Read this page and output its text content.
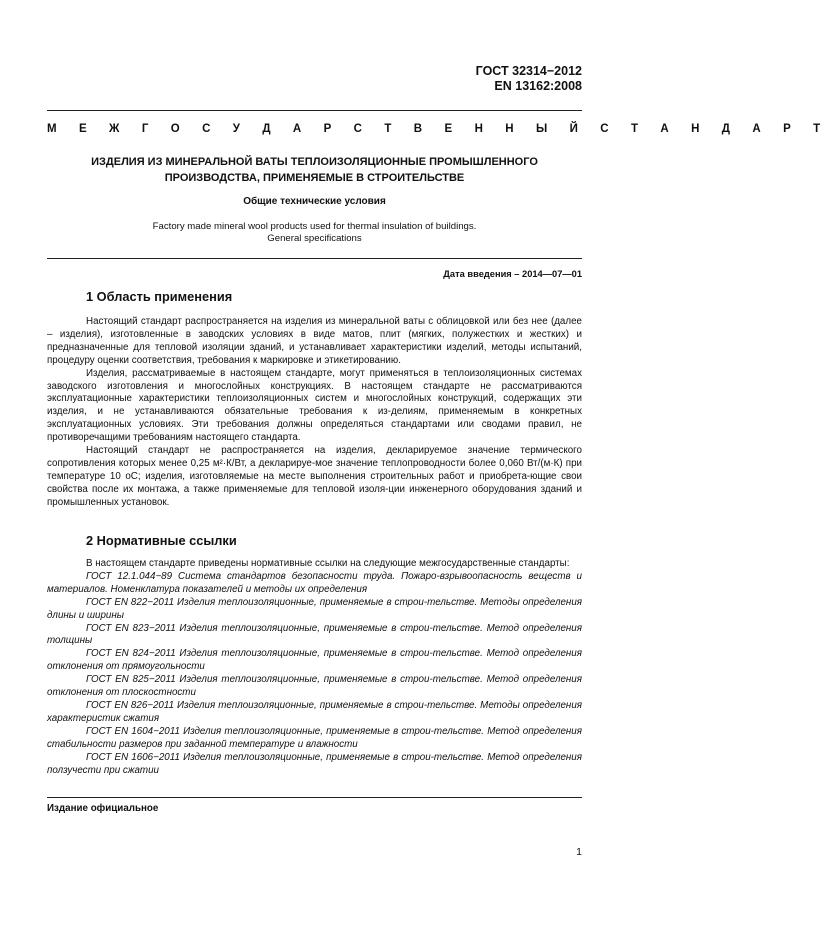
ГОСТ 32314−2012
EN 13162:2008
М Е Ж Г О С У Д А Р С Т В Е Н Н Ы Й С Т А Н Д А Р Т
ИЗДЕЛИЯ ИЗ МИНЕРАЛЬНОЙ ВАТЫ ТЕПЛОИЗОЛЯЦИОННЫЕ ПРОМЫШЛЕННОГО
ПРОИЗВОДСТВА, ПРИМЕНЯЕМЫЕ В СТРОИТЕЛЬСТВЕ
Общие технические условия
Factory made mineral wool products used for thermal insulation of buildings.
General specifications
Дата введения – 2014—07—01
1 Область применения

Настоящий стандарт распространяется на изделия из минеральной ваты с облицовкой или без нее (далее – изделия), изготовленные в заводских условиях в виде матов, плит (мягких, полужестких и жестких) и предназначенные для тепловой изоляции зданий, и устанавливает характеристики изделий, методы испытаний, процедуру оценки соответствия, требования к маркировке и этикетированию.

Изделия, рассматриваемые в настоящем стандарте, могут применяться в теплоизоляционных системах заводского изготовления и многослойных конструкциях. В настоящем стандарте не рассматриваются эксплуатационные характеристики теплоизоляционных систем и многослойных конструкций, содержащих эти изделия, и не устанавливаются обязательные требования к из-делиям, применяемым в конкретных эксплуатационных условиях. Эти требования должны определяться стандартами или сводами правил, не противоречащими требованиям настоящего стандарта.

Настоящий стандарт не распространяется на изделия, декларируемое значение термического сопротивления которых менее 0,25 м²·К/Вт, а декларируе-мое значение теплопроводности более 0,060 Вт/(м·К) при температуре 10 оС; изделия, изготовляемые на месте выполнения строительных работ и приобрета-ющие свои свойства после их монтажа, а также применяемые для тепловой изоля-ции инженерного оборудования зданий и промышленных установок.

2 Нормативные ссылки

В настоящем стандарте приведены нормативные ссылки на следующие межгосударственные стандарты:

ГОСТ 12.1.044−89 Система стандартов безопасности труда. Пожаро-взрывоопасность веществ и материалов. Номенклатура показателей и методы их определения

ГОСТ EN 822−2011 Изделия теплоизоляционные, применяемые в строи-тельстве. Методы определения длины и ширины

ГОСТ EN 823−2011 Изделия теплоизоляционные, применяемые в строи-тельстве. Метод определения толщины

ГОСТ EN 824−2011 Изделия теплоизоляционные, применяемые в строи-тельстве. Метод определения отклонения от прямоугольности

ГОСТ EN 825−2011 Изделия теплоизоляционные, применяемые в строи-тельстве. Метод определения отклонения от плоскостности

ГОСТ EN 826−2011 Изделия теплоизоляционные, применяемые в строи-тельстве. Методы определения характеристик сжатия

ГОСТ EN 1604−2011 Изделия теплоизоляционные, применяемые в строи-тельстве. Метод определения стабильности размеров при заданной температуре и влажности

ГОСТ EN 1606−2011 Изделия теплоизоляционные, применяемые в строи-тельстве. Метод определения ползучести при сжатии

Издание официальное
1
